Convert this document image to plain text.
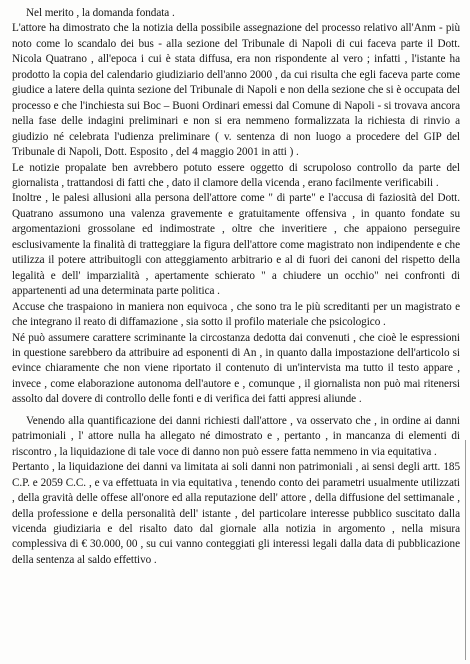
Nel merito , la domanda fondata .

L'attore ha dimostrato che la notizia della possibile assegnazione del processo relativo all'Anm - più noto come lo scandalo dei bus - alla sezione del Tribunale di Napoli di cui faceva parte il Dott. Nicola Quatrano , all'epoca i cui è stata diffusa, era non rispondente al vero ; infatti , l'istante ha prodotto la copia del calendario giudiziario dell'anno 2000 , da cui risulta che egli faceva parte come giudice a latere della quinta sezione del Tribunale di Napoli e non della sezione che si è occupata del processo e che l'inchiesta sui Boc – Buoni Ordinari emessi dal Comune di Napoli - si trovava ancora nella fase delle indagini preliminari e non si era nemmeno formalizzata la richiesta di rinvio a giudizio né celebrata l'udienza preliminare ( v. sentenza di non luogo a procedere del GIP del Tribunale di Napoli, Dott. Esposito , del 4 maggio 2001 in atti ) .

Le notizie propalate ben avrebbero potuto essere oggetto di scrupoloso controllo da parte del giornalista , trattandosi di fatti che , dato il clamore della vicenda , erano facilmente verificabili .

Inoltre , le palesi allusioni alla persona dell'attore come " di parte" e l'accusa di faziosità del Dott. Quatrano assumono una valenza gravemente e gratuitamente offensiva , in quanto fondate su argomentazioni grossolane ed indimostrate , oltre che inveritiere , che appaiono perseguire esclusivamente la finalità di tratteggiare la figura dell'attore come magistrato non indipendente e che utilizza il potere attribuitogli con atteggiamento arbitrario e al di fuori dei canoni del rispetto della legalità e dell' imparzialità , apertamente schierato " a chiudere un occhio" nei confronti di appartenenti ad una determinata parte politica .

Accuse che traspaiono in maniera non equivoca , che sono tra le più screditanti per un magistrato e che integrano il reato di diffamazione , sia sotto il profilo materiale che psicologico .

Né può assumere carattere scriminante la circostanza dedotta dai convenuti , che cioè le espressioni in questione sarebbero da attribuire ad esponenti di An , in quanto dalla impostazione dell'articolo si evince chiaramente che non viene riportato il contenuto di un'intervista ma tutto il testo appare , invece , come elaborazione autonoma dell'autore e , comunque , il giornalista non può mai ritenersi assolto dal dovere di controllo delle fonti e di verifica dei fatti appresi aliunde .

Venendo alla quantificazione dei danni richiesti dall'attore , va osservato che , in ordine ai danni patrimoniali , l' attore nulla ha allegato né dimostrato e , pertanto , in mancanza di elementi di riscontro , la liquidazione di tale voce di danno non può essere fatta nemmeno in via equitativa .

Pertanto , la liquidazione dei danni va limitata ai soli danni non patrimoniali , ai sensi degli artt. 185 C.P. e 2059 C.C. , e va effettuata in via equitativa , tenendo conto dei parametri usualmente utilizzati , della gravità delle offese all'onore ed alla reputazione dell' attore , della diffusione del settimanale , della professione e della personalità dell' istante , del particolare interesse pubblico suscitato dalla vicenda giudiziaria e del risalto dato dal giornale alla notizia in argomento , nella misura complessiva di € 30.000, 00 , su cui vanno conteggiati gli interessi legali dalla data di pubblicazione della sentenza al saldo effettivo .
